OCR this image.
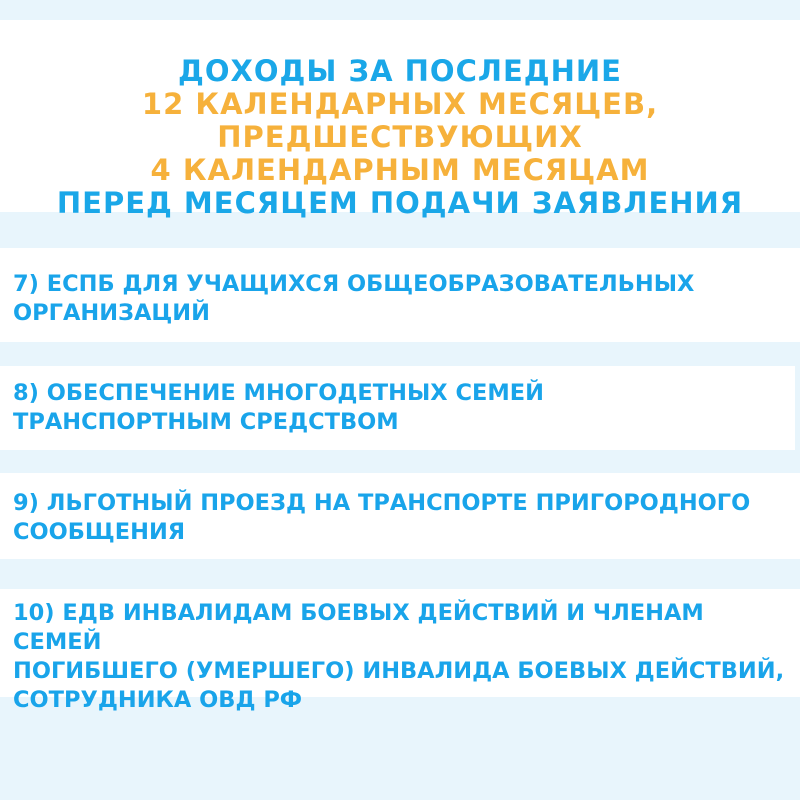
ДОХОДЫ ЗА ПОСЛЕДНИЕ
12 КАЛЕНДАРНЫХ МЕСЯЦЕВ,
ПРЕДШЕСТВУЮЩИХ
4 КАЛЕНДАРНЫМ МЕСЯЦАМ
ПЕРЕД МЕСЯЦЕМ ПОДАЧИ ЗАЯВЛЕНИЯ

7) ЕСПБ ДЛЯ УЧАЩИХСЯ ОБЩЕОБРАЗОВАТЕЛЬНЫХ
ОРГАНИЗАЦИЙ

8) ОБЕСПЕЧЕНИЕ МНОГОДЕТНЫХ СЕМЕЙ
ТРАНСПОРТНЫМ СРЕДСТВОМ

9) ЛЬГОТНЫЙ ПРОЕЗД НА ТРАНСПОРТЕ ПРИГОРОДНОГО
СООБЩЕНИЯ

10) ЕДВ ИНВАЛИДАМ БОЕВЫХ ДЕЙСТВИЙ И ЧЛЕНАМ СЕМЕЙ
ПОГИБШЕГО (УМЕРШЕГО) ИНВАЛИДА БОЕВЫХ ДЕЙСТВИЙ,
СОТРУДНИКА ОВД РФ
